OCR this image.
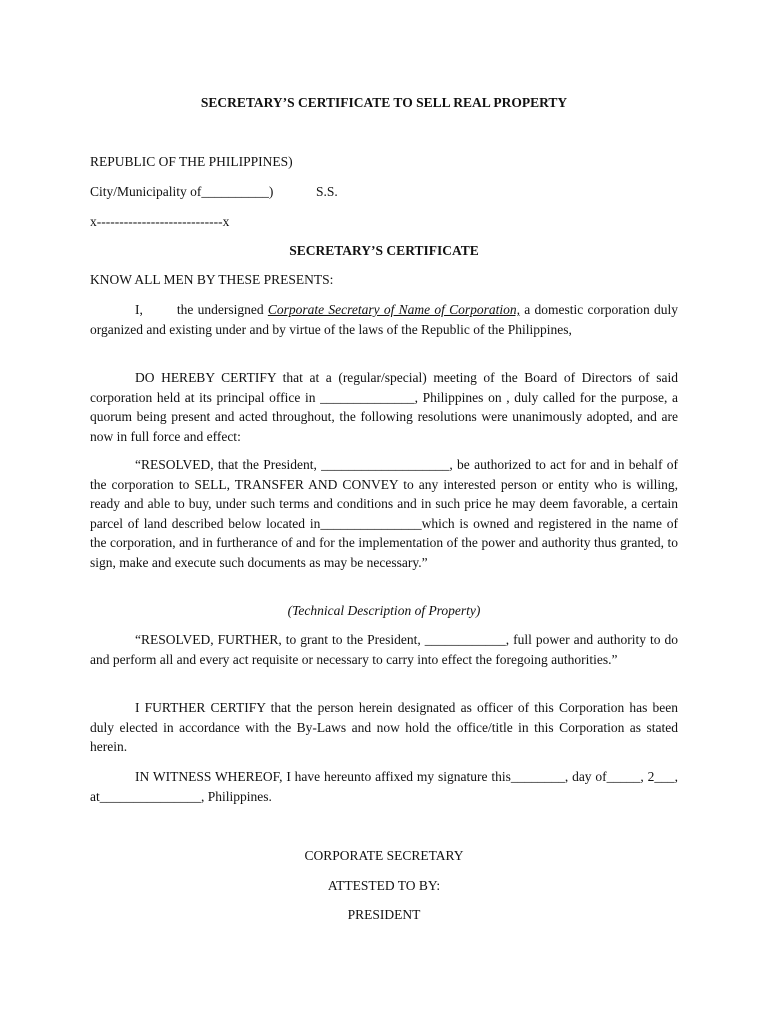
SECRETARY’S CERTIFICATE TO SELL REAL PROPERTY
REPUBLIC OF THE PHILIPPINES)
City/Municipality of__________)	S.S.
x----------------------------x
SECRETARY’S CERTIFICATE
KNOW ALL MEN BY THESE PRESENTS:

I,        the undersigned Corporate Secretary of Name of Corporation, a domestic corporation duly organized and existing under and by virtue of the laws of the Republic of the Philippines,

DO HEREBY CERTIFY that at a (regular/special) meeting of the Board of Directors of said corporation held at its principal office in ______________, Philippines on , duly called for the purpose, a quorum being present and acted throughout, the following resolutions were unanimously adopted, and are now in full force and effect:

“RESOLVED, that the President, ___________________, be authorized to act for and in behalf of the corporation to SELL, TRANSFER AND CONVEY to any interested person or entity who is willing, ready and able to buy, under such terms and conditions and in such price he may deem favorable, a certain parcel of land described below located in_______________which is owned and registered in the name of the corporation, and in furtherance of and for the implementation of the power and authority thus granted, to sign, make and execute such documents as may be necessary.”

(Technical Description of Property)

“RESOLVED, FURTHER, to grant to the President, ____________, full power and authority to do and perform all and every act requisite or necessary to carry into effect the foregoing authorities.”

I FURTHER CERTIFY that the person herein designated as officer of this Corporation has been duly elected in accordance with the By-Laws and now hold the office/title in this Corporation as stated herein.

IN WITNESS WHEREOF, I have hereunto affixed my signature this________, day of_____, 2___, at_______________, Philippines.

CORPORATE SECRETARY
ATTESTED TO BY:
PRESIDENT
